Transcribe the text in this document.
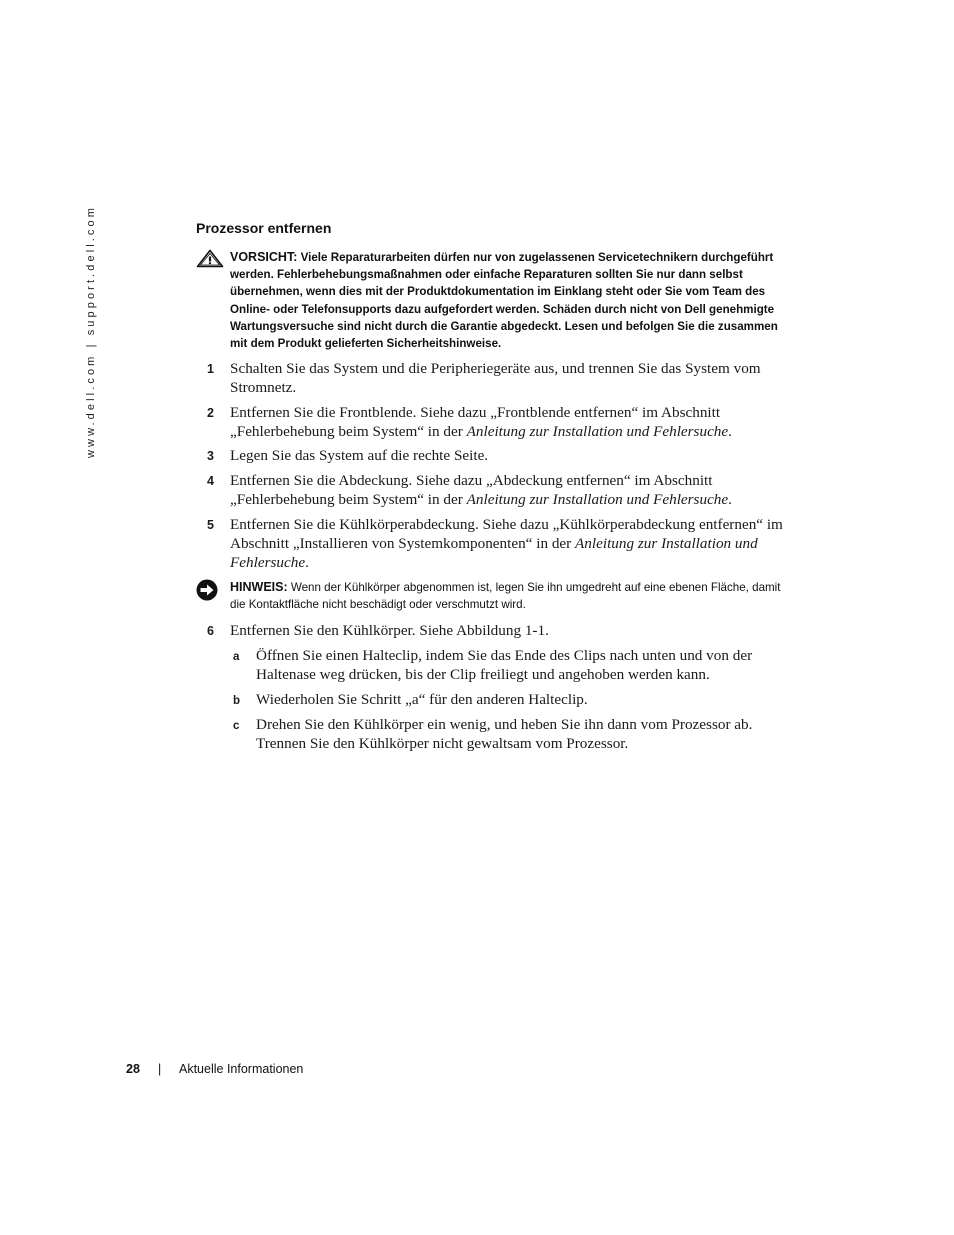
www.dell.com | support.dell.com	Prozessor entfernen
VORSICHT: Viele Reparaturarbeiten dürfen nur von zugelassenen Servicetechnikern durchgeführt werden. Fehlerbehebungsmaßnahmen oder einfache Reparaturen sollten Sie nur dann selbst übernehmen, wenn dies mit der Produktdokumentation im Einklang steht oder Sie vom Team des Online- oder Telefonsupports dazu aufgefordert werden. Schäden durch nicht von Dell genehmigte Wartungsversuche sind nicht durch die Garantie abgedeckt. Lesen und befolgen Sie die zusammen mit dem Produkt gelieferten Sicherheitshinweise.
1 Schalten Sie das System und die Peripheriegeräte aus, und trennen Sie das System vom Stromnetz.
2 Entfernen Sie die Frontblende. Siehe dazu „Frontblende entfernen“ im Abschnitt „Fehlerbehebung beim System“ in der Anleitung zur Installation und Fehlersuche.
3 Legen Sie das System auf die rechte Seite.
4 Entfernen Sie die Abdeckung. Siehe dazu „Abdeckung entfernen“ im Abschnitt „Fehlerbehebung beim System“ in der Anleitung zur Installation und Fehlersuche.
5 Entfernen Sie die Kühlkörperabdeckung. Siehe dazu „Kühlkörperabdeckung entfernen“ im Abschnitt „Installieren von Systemkomponenten“ in der Anleitung zur Installation und Fehlersuche.
HINWEIS: Wenn der Kühlkörper abgenommen ist, legen Sie ihn umgedreht auf eine ebenen Fläche, damit die Kontaktfläche nicht beschädigt oder verschmutzt wird.
6 Entfernen Sie den Kühlkörper. Siehe Abbildung 1-1.
a Öffnen Sie einen Halteclip, indem Sie das Ende des Clips nach unten und von der Haltenase weg drücken, bis der Clip freiliegt und angehoben werden kann.
b Wiederholen Sie Schritt „a“ für den anderen Halteclip.
c Drehen Sie den Kühlkörper ein wenig, und heben Sie ihn dann vom Prozessor ab. Trennen Sie den Kühlkörper nicht gewaltsam vom Prozessor.
28 | Aktuelle Informationen
